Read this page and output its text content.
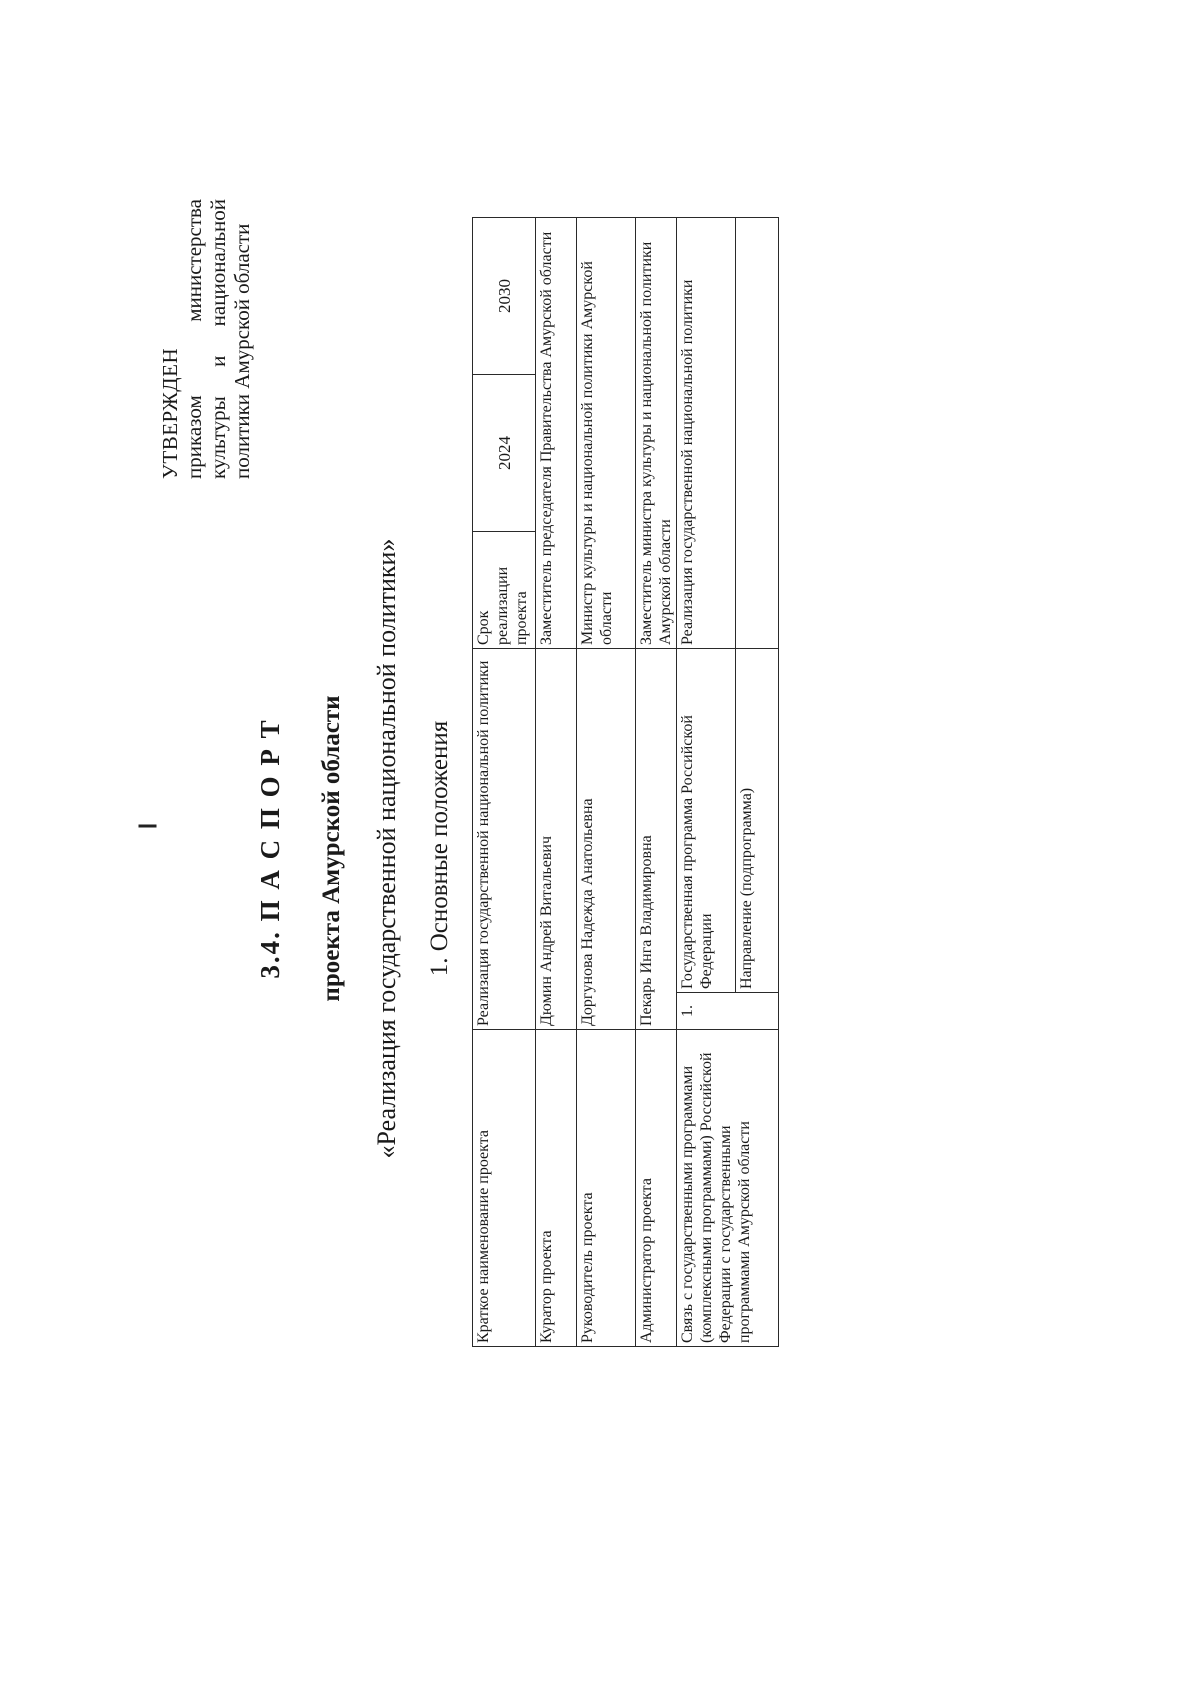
УТВЕРЖДЕН приказом
министерства
культуры
и
национальной политики Амурской области
3.4. П А С П О Р Т проекта Амурской области «Реализация государственной национальной политики» 1. Основные положения
Краткое наименование проекта	Реализация государственной национальной политики		Срок реализации проекта	2024	2030
Куратор проекта	Дюмин Андрей Витальевич		Заместитель председателя Правительства Амурской области		
Руководитель проекта	Доргунова Надежда Анатольевна		Министр культуры и национальной политики Амурской области		
Администратор проекта	Пекарь Инга Владимировна		Заместитель министра культуры и национальной политики Амурской области		
Связь с государственными программами (комплексными программами) Российской Федерации с государственными программами Амурской области	1.	Государственная программа Российской Федерации	Реализация государственной национальной политики		
		Направление (подпрограмма)			
